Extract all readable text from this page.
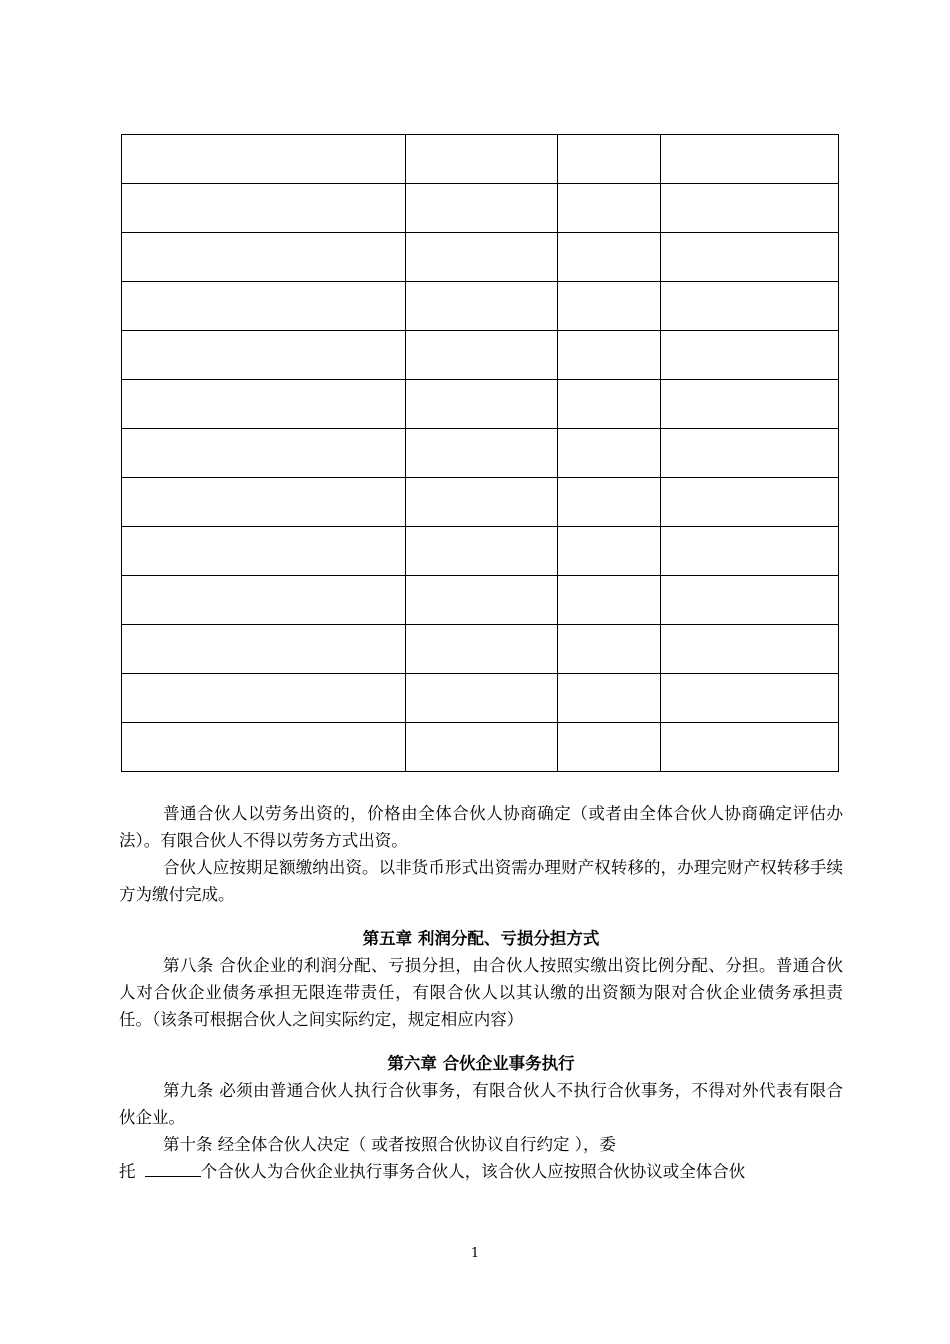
普通合伙人以劳务出资的，价格由全体合伙人协商确定（或者由全体合伙人协商确定评估办法）。有限合伙人不得以劳务方式出资。

合伙人应按期足额缴纳出资。以非货币形式出资需办理财产权转移的，办理完财产权转移手续方为缴付完成。

第五章 利润分配、亏损分担方式

第八条 合伙企业的利润分配、亏损分担，由合伙人按照实缴出资比例分配、分担。普通合伙人对合伙企业债务承担无限连带责任，有限合伙人以其认缴的出资额为限对合伙企业债务承担责任。（该条可根据合伙人之间实际约定，规定相应内容）

第六章 合伙企业事务执行

第九条 必须由普通合伙人执行合伙事务，有限合伙人不执行合伙事务，不得对外代表有限合伙企业。

第十条 经全体合伙人决定（ 或者按照合伙协议自行约定 ），委

托	个合伙人为合伙企业执行事务合伙人，该合伙人应按照合伙协议或全体合伙

1
